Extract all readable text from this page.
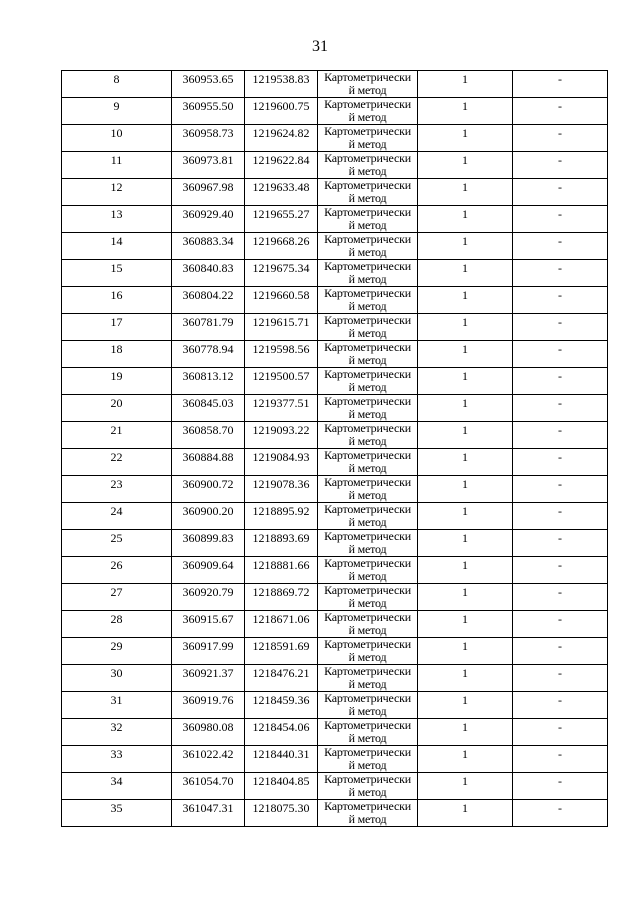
31
8	360953.65	1219538.83	Картометрически
й метод	1	-
9	360955.50	1219600.75	Картометрически
й метод	1	-
10	360958.73	1219624.82	Картометрически
й метод	1	-
11	360973.81	1219622.84	Картометрически
й метод	1	-
12	360967.98	1219633.48	Картометрически
й метод	1	-
13	360929.40	1219655.27	Картометрически
й метод	1	-
14	360883.34	1219668.26	Картометрически
й метод	1	-
15	360840.83	1219675.34	Картометрически
й метод	1	-
16	360804.22	1219660.58	Картометрически
й метод	1	-
17	360781.79	1219615.71	Картометрически
й метод	1	-
18	360778.94	1219598.56	Картометрически
й метод	1	-
19	360813.12	1219500.57	Картометрически
й метод	1	-
20	360845.03	1219377.51	Картометрически
й метод	1	-
21	360858.70	1219093.22	Картометрически
й метод	1	-
22	360884.88	1219084.93	Картометрически
й метод	1	-
23	360900.72	1219078.36	Картометрически
й метод	1	-
24	360900.20	1218895.92	Картометрически
й метод	1	-
25	360899.83	1218893.69	Картометрически
й метод	1	-
26	360909.64	1218881.66	Картометрически
й метод	1	-
27	360920.79	1218869.72	Картометрически
й метод	1	-
28	360915.67	1218671.06	Картометрически
й метод	1	-
29	360917.99	1218591.69	Картометрически
й метод	1	-
30	360921.37	1218476.21	Картометрически
й метод	1	-
31	360919.76	1218459.36	Картометрически
й метод	1	-
32	360980.08	1218454.06	Картометрически
й метод	1	-
33	361022.42	1218440.31	Картометрически
й метод	1	-
34	361054.70	1218404.85	Картометрически
й метод	1	-
35	361047.31	1218075.30	Картометрически
й метод	1	-
